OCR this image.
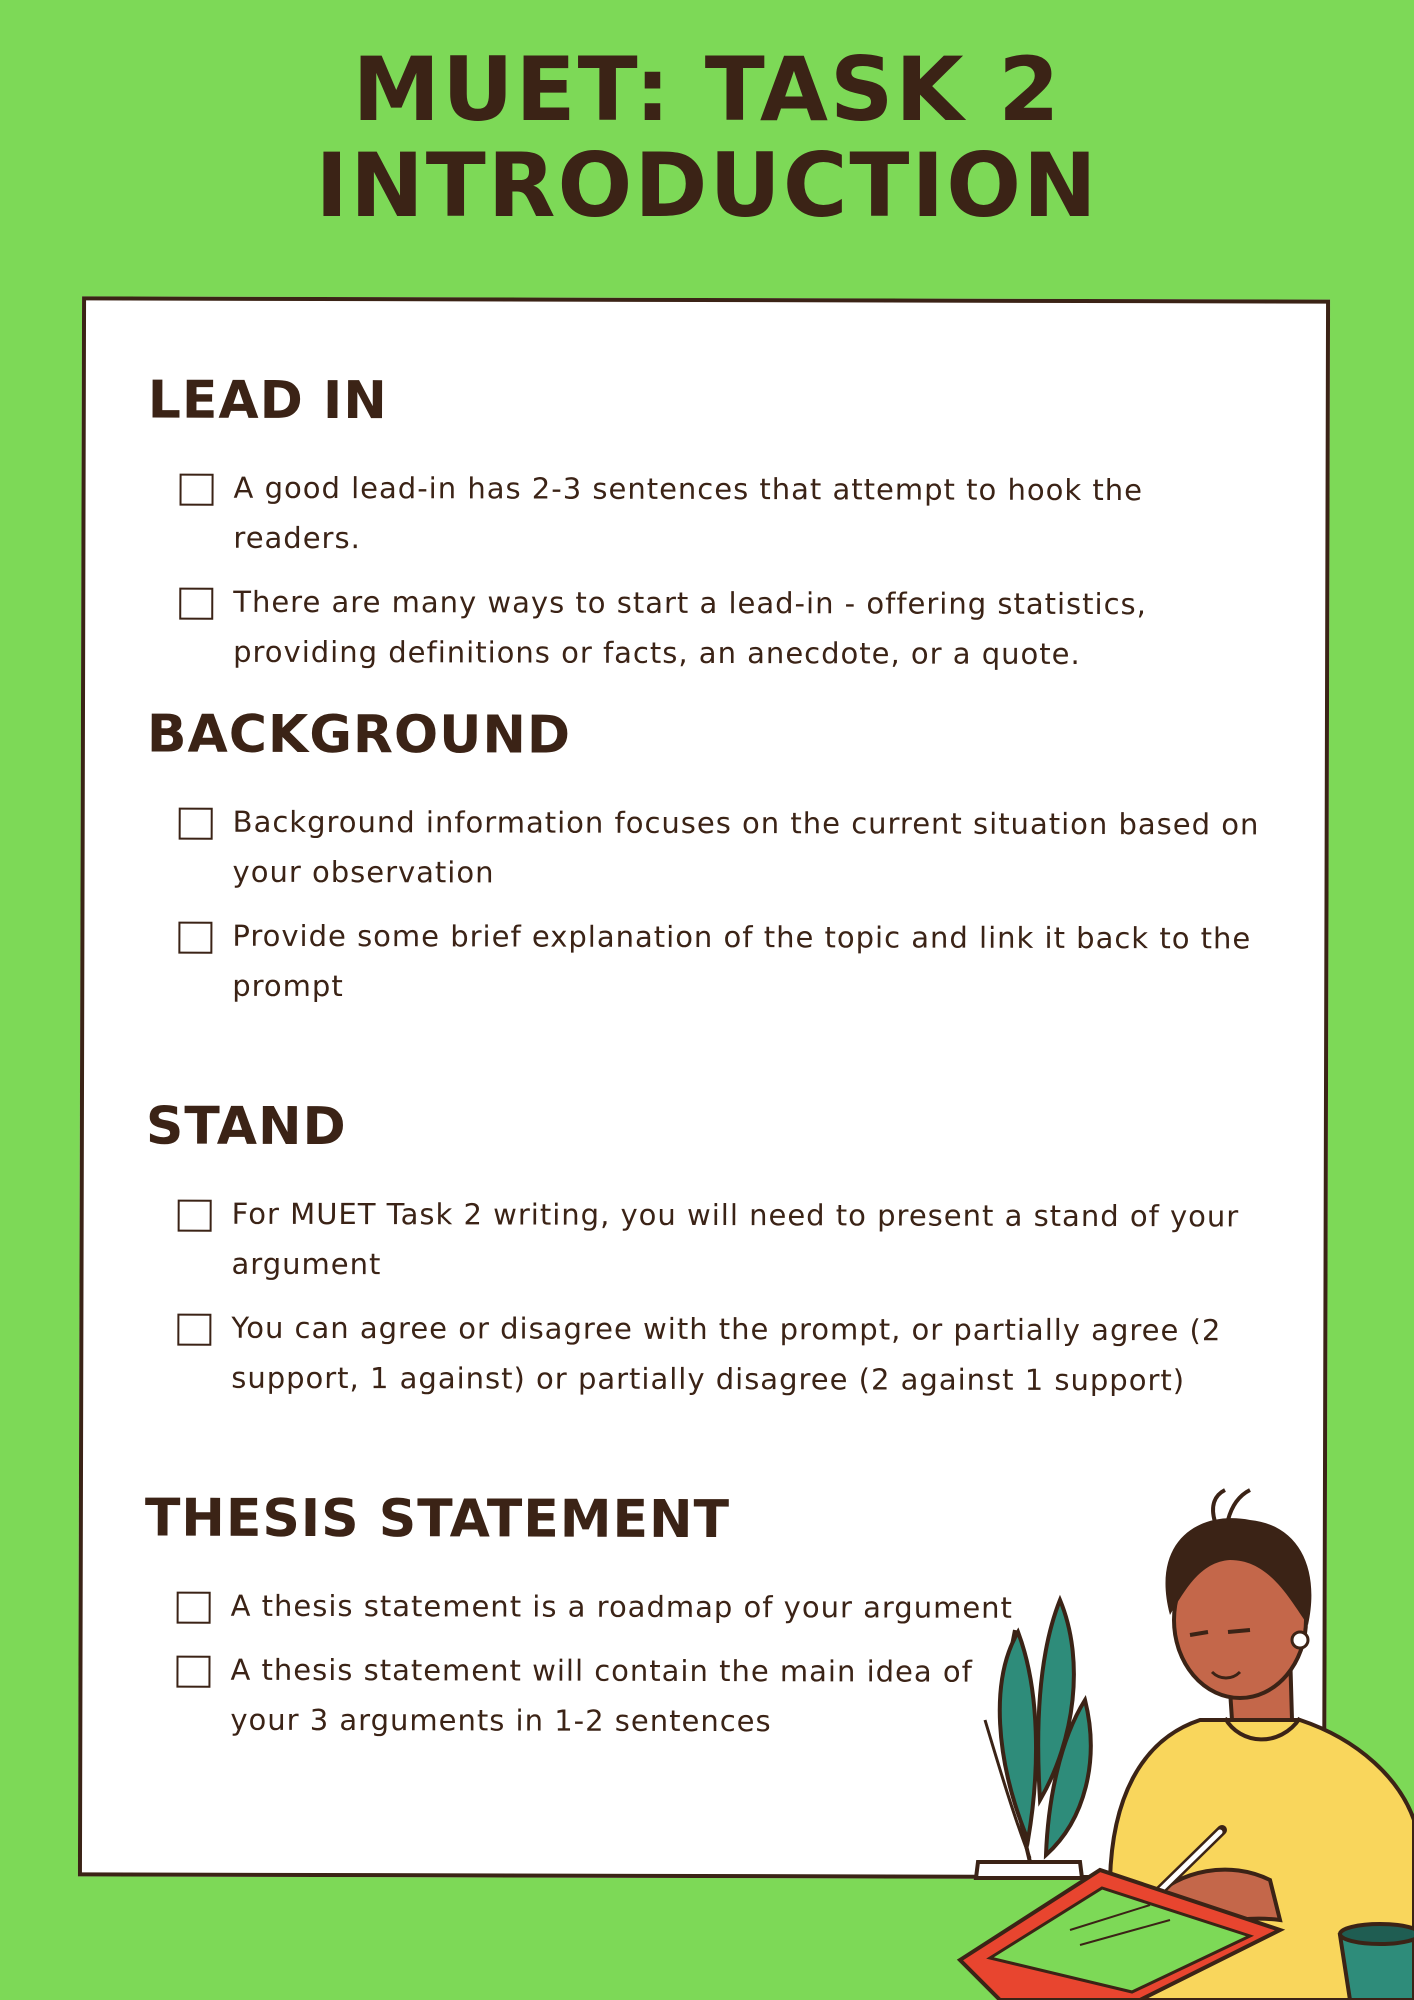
MUET: TASK 2
INTRODUCTION
LEAD IN
A good lead-in has 2-3 sentences that attempt to hook the readers.
There are many ways to start a lead-in - offering statistics, providing definitions or facts, an anecdote, or a quote.
BACKGROUND
Background information focuses on the current situation based on your observation
Provide some brief explanation of the topic and link it back to the prompt
STAND
For MUET Task 2 writing, you will need to present a stand of your argument
You can agree or disagree with the prompt, or partially agree (2 support, 1 against) or partially disagree (2 against 1 support)
THESIS STATEMENT
A thesis statement is a roadmap of your argument
A thesis statement will contain the main idea of your 3 arguments in 1-2 sentences
